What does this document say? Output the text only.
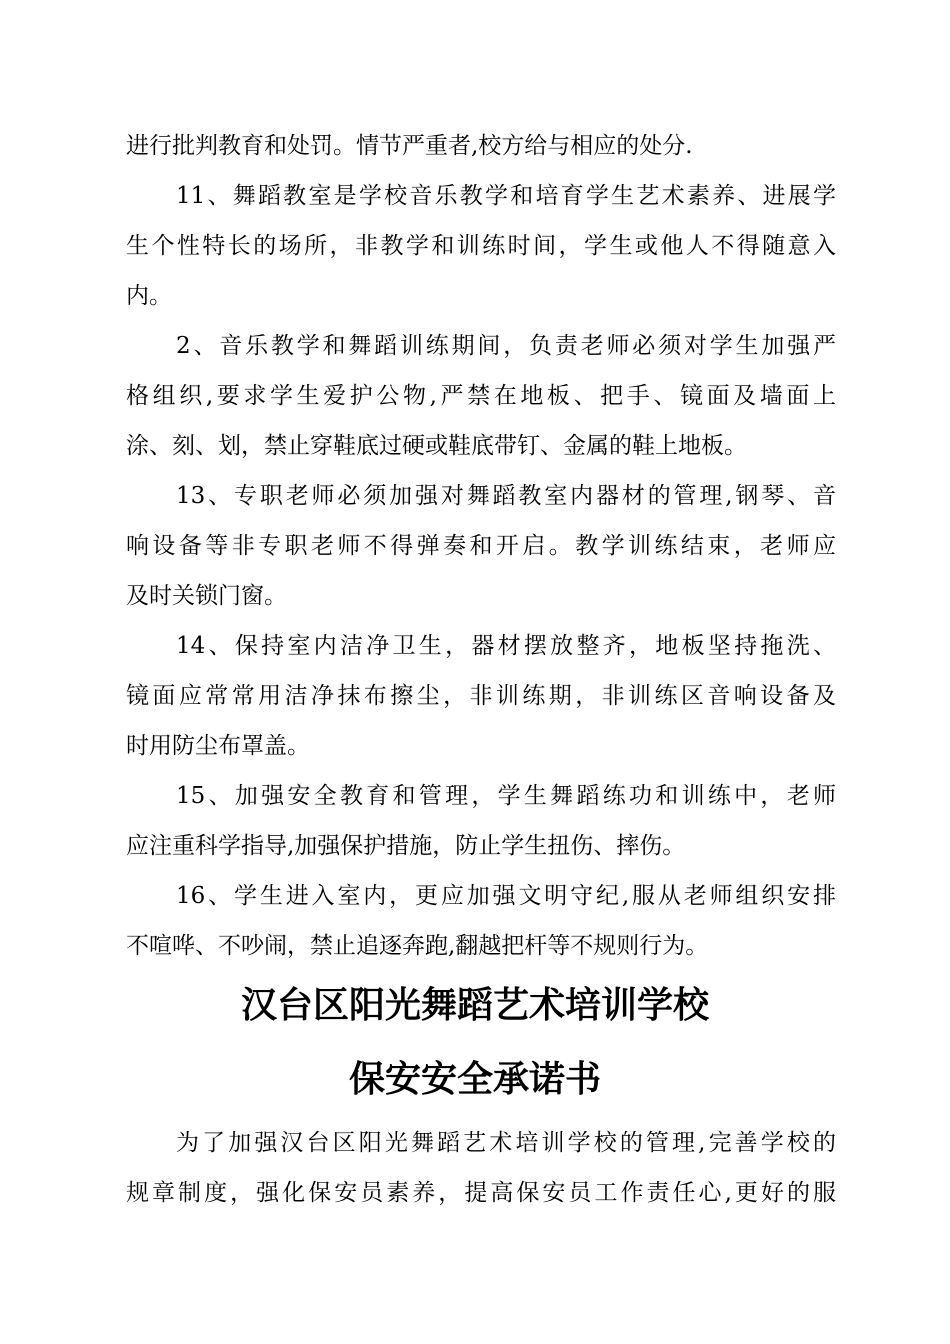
进行批判教育和处罚。情节严重者,校方给与相应的处分.
11、舞蹈教室是学校音乐教学和培育学生艺术素养、进展学
生个性特长的场所，非教学和训练时间，学生或他人不得随意入
内。
2、音乐教学和舞蹈训练期间，负责老师必须对学生加强严
格组织,要求学生爱护公物,严禁在地板、把手、镜面及墙面上
涂、刻、划，禁止穿鞋底过硬或鞋底带钉、金属的鞋上地板。
13、专职老师必须加强对舞蹈教室内器材的管理,钢琴、音
响设备等非专职老师不得弹奏和开启。教学训练结束，老师应
及时关锁门窗。
14、保持室内洁净卫生，器材摆放整齐，地板坚持拖洗、
镜面应常常用洁净抹布擦尘，非训练期，非训练区音响设备及
时用防尘布罩盖。
15、加强安全教育和管理，学生舞蹈练功和训练中，老师
应注重科学指导,加强保护措施，防止学生扭伤、摔伤。
16、学生进入室内，更应加强文明守纪,服从老师组织安排
不喧哗、不吵闹，禁止追逐奔跑,翻越把杆等不规则行为。
汉台区阳光舞蹈艺术培训学校
保安安全承诺书
为了加强汉台区阳光舞蹈艺术培训学校的管理,完善学校的
规章制度，强化保安员素养，提高保安员工作责任心,更好的服
